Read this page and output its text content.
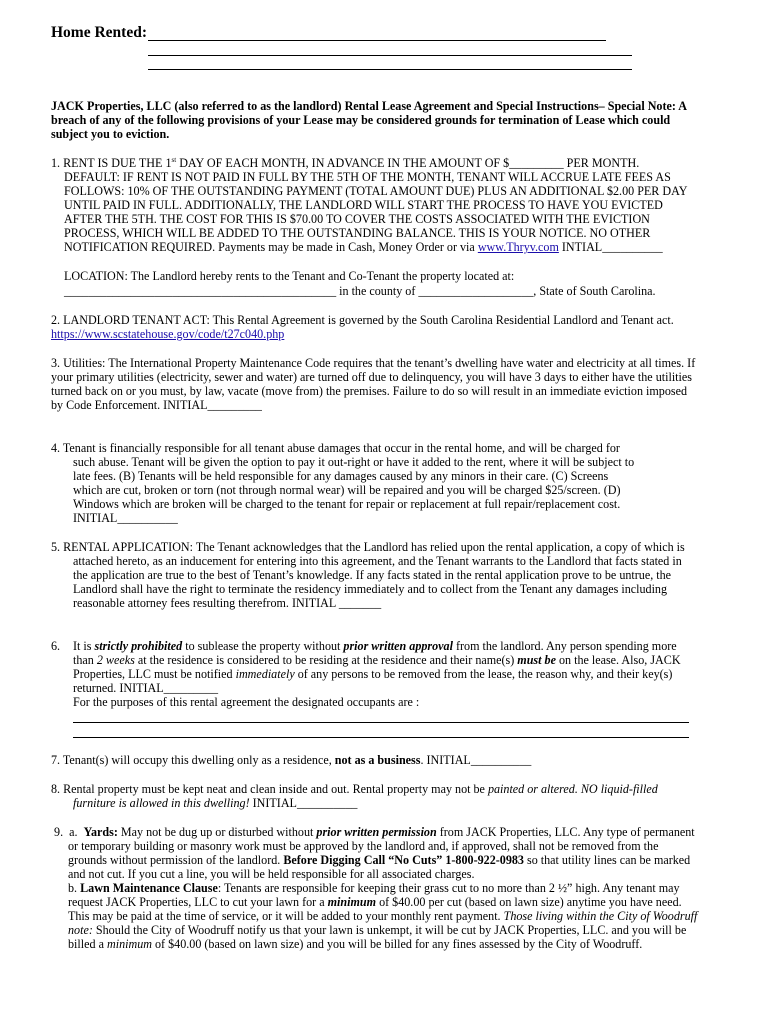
Home Rented:
JACK Properties, LLC (also referred to as the landlord) Rental Lease Agreement and Special Instructions– Special Note: A
breach of any of the following provisions of your Lease may be considered grounds for termination of Lease which could
subject you to eviction.
1. RENT IS DUE THE 1st DAY OF EACH MONTH, IN ADVANCE IN THE AMOUNT OF $_________ PER MONTH.
DEFAULT: IF RENT IS NOT PAID IN FULL BY THE 5TH OF THE MONTH, TENANT WILL ACCRUE LATE FEES AS
FOLLOWS: 10% OF THE OUTSTANDING PAYMENT (TOTAL AMOUNT DUE) PLUS AN ADDITIONAL $2.00 PER DAY
UNTIL PAID IN FULL. ADDITIONALLY, THE LANDLORD WILL START THE PROCESS TO HAVE YOU EVICTED
AFTER THE 5TH. THE COST FOR THIS IS $70.00 TO COVER THE COSTS ASSOCIATED WITH THE EVICTION
PROCESS, WHICH WILL BE ADDED TO THE OUTSTANDING BALANCE. THIS IS YOUR NOTICE. NO OTHER
NOTIFICATION REQUIRED. Payments may be made in Cash, Money Order or via www.Thryv.com INTIAL__________
LOCATION: The Landlord hereby rents to the Tenant and Co-Tenant the property located at:
_____________________________________________ in the county of ___________________, State of South Carolina.
2. LANDLORD TENANT ACT: This Rental Agreement is governed by the South Carolina Residential Landlord and Tenant act.
https://www.scstatehouse.gov/code/t27c040.php
3. Utilities: The International Property Maintenance Code requires that the tenant’s dwelling have water and electricity at all times. If
your primary utilities (electricity, sewer and water) are turned off due to delinquency, you will have 3 days to either have the utilities
turned back on or you must, by law, vacate (move from) the premises. Failure to do so will result in an immediate eviction imposed
by Code Enforcement. INITIAL_________
4. Tenant is financially responsible for all tenant abuse damages that occur in the rental home, and will be charged for
such abuse. Tenant will be given the option to pay it out-right or have it added to the rent, where it will be subject to
late fees. (B) Tenants will be held responsible for any damages caused by any minors in their care. (C) Screens
which are cut, broken or torn (not through normal wear) will be repaired and you will be charged $25/screen. (D)
Windows which are broken will be charged to the tenant for repair or replacement at full repair/replacement cost.
INITIAL__________
5. RENTAL APPLICATION: The Tenant acknowledges that the Landlord has relied upon the rental application, a copy of which is
attached hereto, as an inducement for entering into this agreement, and the Tenant warrants to the Landlord that facts stated in
the application are true to the best of Tenant’s knowledge. If any facts stated in the rental application prove to be untrue, the
Landlord shall have the right to terminate the residency immediately and to collect from the Tenant any damages including
reasonable attorney fees resulting therefrom. INITIAL _______
6. It is strictly prohibited to sublease the property without prior written approval from the landlord. Any person spending more
than 2 weeks at the residence is considered to be residing at the residence and their name(s) must be on the lease. Also, JACK
Properties, LLC must be notified immediately of any persons to be removed from the lease, the reason why, and their key(s)
returned. INITIAL_________
For the purposes of this rental agreement the designated occupants are :
7. Tenant(s) will occupy this dwelling only as a residence, not as a business. INITIAL__________
8. Rental property must be kept neat and clean inside and out. Rental property may not be painted or altered. NO liquid-filled
furniture is allowed in this dwelling! INITIAL__________
9.  a.  Yards: May not be dug up or disturbed without prior written permission from JACK Properties, LLC. Any type of permanent
or temporary building or masonry work must be approved by the landlord and, if approved, shall not be removed from the
grounds without permission of the landlord. Before Digging Call “No Cuts” 1-800-922-0983 so that utility lines can be marked
and not cut. If you cut a line, you will be held responsible for all associated charges.
b. Lawn Maintenance Clause: Tenants are responsible for keeping their grass cut to no more than 2 ½” high. Any tenant may
request JACK Properties, LLC to cut your lawn for a minimum of $40.00 per cut (based on lawn size) anytime you have need.
This may be paid at the time of service, or it will be added to your monthly rent payment. Those living within the City of Woodruff
note: Should the City of Woodruff notify us that your lawn is unkempt, it will be cut by JACK Properties, LLC. and you will be
billed a minimum of $40.00 (based on lawn size) and you will be billed for any fines assessed by the City of Woodruff.
